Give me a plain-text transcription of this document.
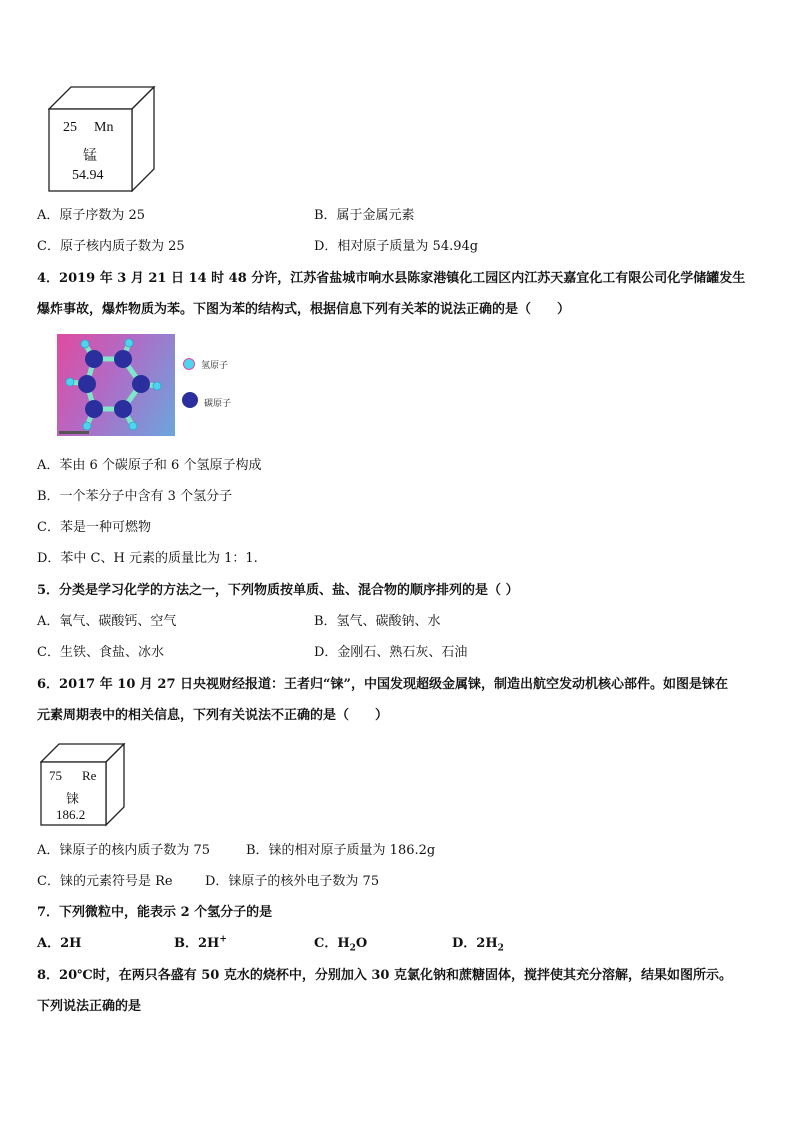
25 Mn
锰
54.94
A．原子序数为 25	B．属于金属元素
C．原子核内质子数为 25	D．相对原子质量为 54.94g
4．2019 年 3 月 21 日 14 时 48 分许，江苏省盐城市响水县陈家港镇化工园区内江苏天嘉宜化工有限公司化学储罐发生
爆炸事故，爆炸物质为苯。下图为苯的结构式，根据信息下列有关苯的说法正确的是（　　）
氢原子
碳原子
A．苯由 6 个碳原子和 6 个氢原子构成
B．一个苯分子中含有 3 个氢分子
C．苯是一种可燃物
D．苯中 C、H 元素的质量比为 1：1.
5．分类是学习化学的方法之一，下列物质按单质、盐、混合物的顺序排列的是（ ）
A．氧气、碳酸钙、空气	B．氢气、碳酸钠、水
C．生铁、食盐、冰水	D．金刚石、熟石灰、石油
6．2017 年 10 月 27 日央视财经报道：王者归“铼”，中国发现超级金属铼，制造出航空发动机核心部件。如图是铼在
元素周期表中的相关信息，下列有关说法不正确的是（　　）
75 Re
铼
186.2
A．铼原子的核内质子数为 75	B．铼的相对原子质量为 186.2g
C．铼的元素符号是 Re D．铼原子的核外电子数为 75
7．下列微粒中，能表示 2 个氢分子的是
A．2H	B．2H+	C．$H_2O$	D．$2H_2$
8．20℃时，在两只各盛有 50 克水的烧杯中，分别加入 30 克氯化钠和蔗糖固体，搅拌使其充分溶解，结果如图所示。
下列说法正确的是
